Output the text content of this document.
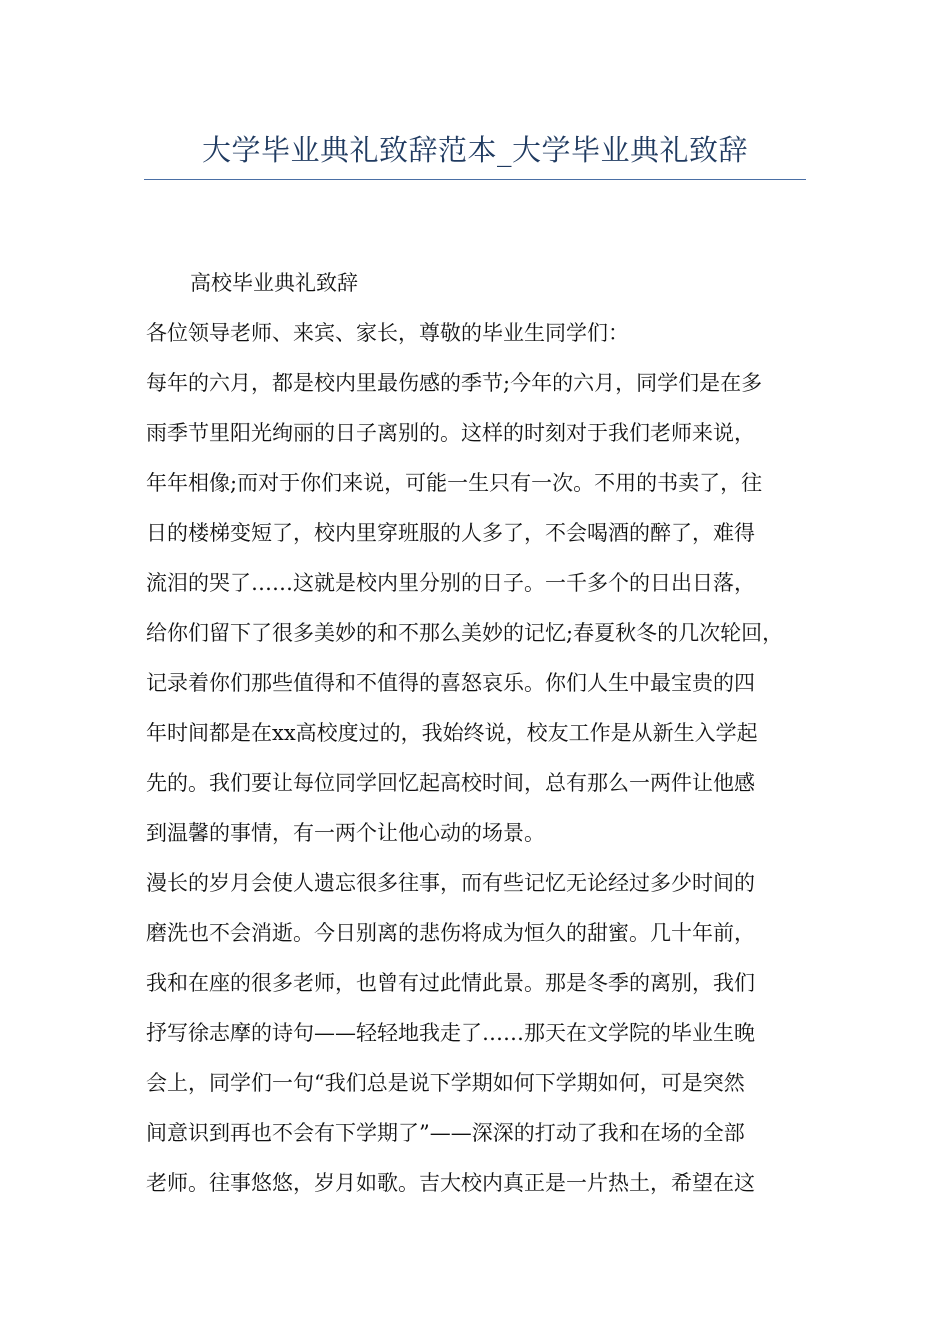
大学毕业典礼致辞范本_大学毕业典礼致辞

高校毕业典礼致辞

各位领导老师、来宾、家长，尊敬的毕业生同学们：

每年的六月，都是校内里最伤感的季节;今年的六月，同学们是在多
雨季节里阳光绚丽的日子离别的。这样的时刻对于我们老师来说，
年年相像;而对于你们来说，可能一生只有一次。不用的书卖了，往
日的楼梯变短了，校内里穿班服的人多了，不会喝酒的醉了，难得
流泪的哭了……这就是校内里分别的日子。一千多个的日出日落，
给你们留下了很多美妙的和不那么美妙的记忆;春夏秋冬的几次轮回，
记录着你们那些值得和不值得的喜怒哀乐。你们人生中最宝贵的四
年时间都是在xx高校度过的，我始终说，校友工作是从新生入学起
先的。我们要让每位同学回忆起高校时间，总有那么一两件让他感
到温馨的事情，有一两个让他心动的场景。

漫长的岁月会使人遗忘很多往事，而有些记忆无论经过多少时间的
磨洗也不会消逝。今日别离的悲伤将成为恒久的甜蜜。几十年前，
我和在座的很多老师，也曾有过此情此景。那是冬季的离别，我们
抒写徐志摩的诗句——轻轻地我走了……那天在文学院的毕业生晚
会上，同学们一句“我们总是说下学期如何下学期如何，可是突然
间意识到再也不会有下学期了”——深深的打动了我和在场的全部
老师。往事悠悠，岁月如歌。吉大校内真正是一片热土，希望在这
